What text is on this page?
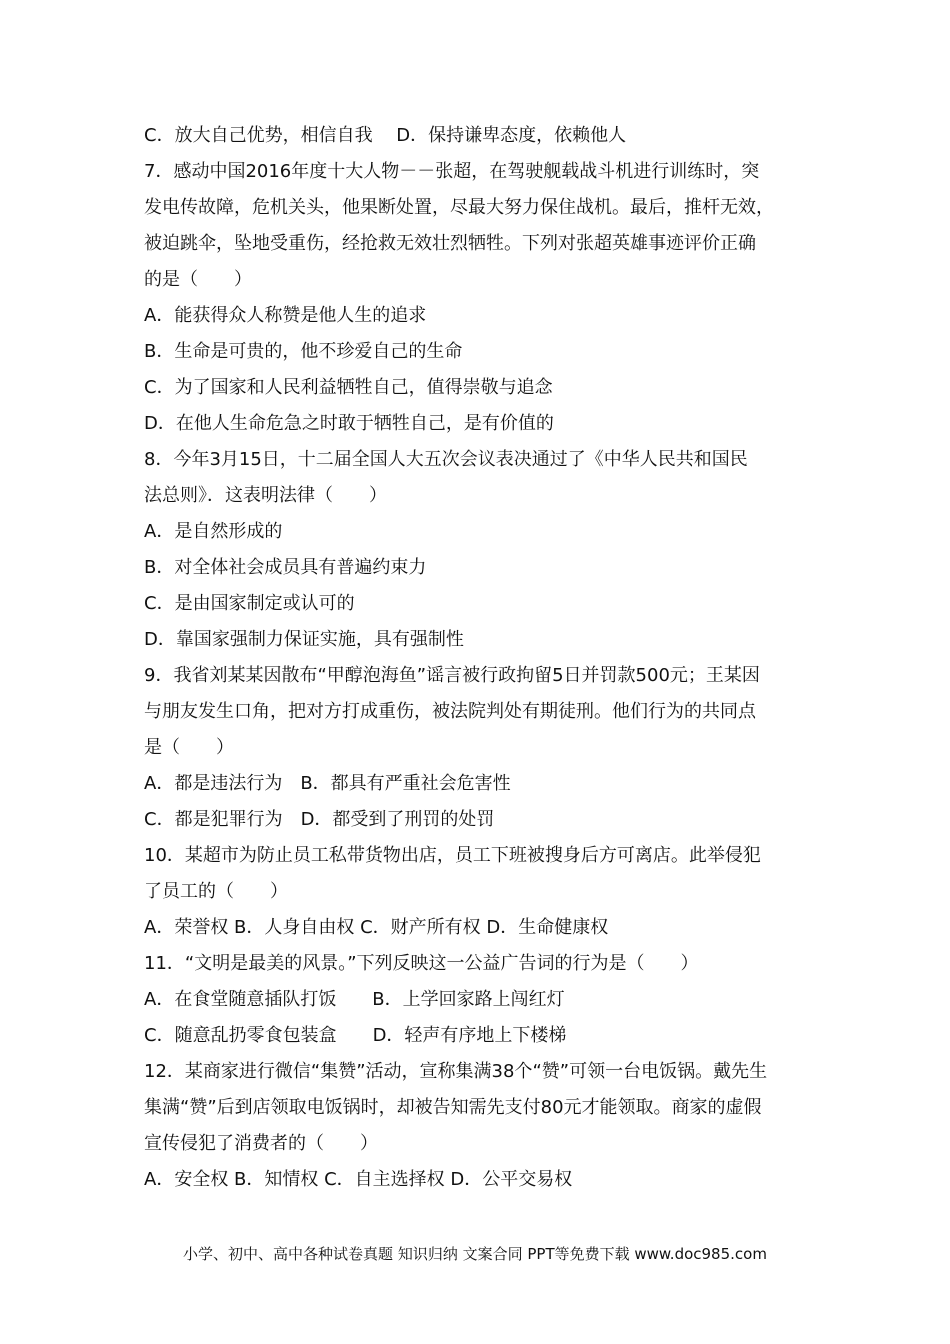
C．放大自己优势，相信自我　 D．保持谦卑态度，依赖他人
7．感动中国2016年度十大人物－－张超，在驾驶舰载战斗机进行训练时，突
发电传故障，危机关头，他果断处置，尽最大努力保住战机。最后，推杆无效，
被迫跳伞，坠地受重伤，经抢救无效壮烈牺牲。下列对张超英雄事迹评价正确
的是（　　）
A．能获得众人称赞是他人生的追求
B．生命是可贵的，他不珍爱自己的生命
C．为了国家和人民利益牺牲自己，值得崇敬与追念
D．在他人生命危急之时敢于牺牲自己，是有价值的
8．今年3月15日，十二届全国人大五次会议表决通过了《中华人民共和国民
法总则》．这表明法律（　　）
A．是自然形成的
B．对全体社会成员具有普遍约束力
C．是由国家制定或认可的
D．靠国家强制力保证实施，具有强制性
9．我省刘某某因散布“甲醇泡海鱼”谣言被行政拘留5日并罚款500元；王某因
与朋友发生口角，把对方打成重伤，被法院判处有期徒刑。他们行为的共同点
是（　　）
A．都是违法行为　B．都具有严重社会危害性
C．都是犯罪行为　D．都受到了刑罚的处罚
10．某超市为防止员工私带货物出店，员工下班被搜身后方可离店。此举侵犯
了员工的（　　）
A．荣誉权 B．人身自由权 C．财产所有权 D．生命健康权
11．“文明是最美的风景。”下列反映这一公益广告词的行为是（　　）
A．在食堂随意插队打饭　　B．上学回家路上闯红灯
C．随意乱扔零食包装盒　　D．轻声有序地上下楼梯
12．某商家进行微信“集赞”活动，宣称集满38个“赞”可领一台电饭锅。戴先生
集满“赞”后到店领取电饭锅时，却被告知需先支付80元才能领取。商家的虚假
宣传侵犯了消费者的（　　）
A．安全权 B．知情权 C．自主选择权 D．公平交易权
小学、初中、高中各种试卷真题 知识归纳 文案合同 PPT等免费下载 www.doc985.com
